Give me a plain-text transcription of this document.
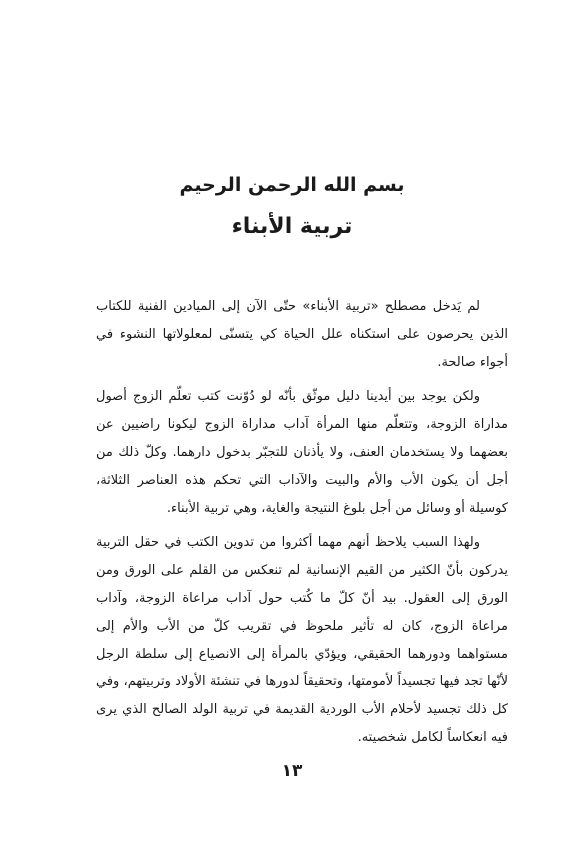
بسم الله الرحمن الرحيم
تربية الأبناء

لم يَدخل مصطلح «تربية الأبناء» حتّى الآن إلى الميادين الفنية للكتاب الذين يحرصون على استكناه علل الحياة كي يتسنّى لمعلولاتها النشوء في أجواء صالحة.

ولكن يوجد بين أيدينا دليل موثّق بأنّه لو دُوّنت كتب تعلّم الزوج أصول مداراة الزوجة، وتتعلّم منها المرأة آداب مداراة الزوج ليكونا راضيين عن بعضهما ولا يستخدمان العنف، ولا يأذنان للتجبّر بدخول دارهما. وكلّ ذلك من أجل أن يكون الأب والأم والبيت والآداب التي تحكم هذه العناصر الثلاثة، كوسيلة أو وسائل من أجل بلوغ النتيجة والغاية، وهي تربية الأبناء.

ولهذا السبب يلاحظ أنهم مهما أكثروا من تدوين الكتب في حقل التربية يدركون بأنّ الكثير من القيم الإنسانية لم تنعكس من القلم على الورق ومن الورق إلى العقول. بيد أنّ كلّ ما كُتب حول آداب مراعاة الزوجة، وآداب مراعاة الزوج، كان له تأثير ملحوظ في تقريب كلّ من الأب والأم إلى مستواهما ودورهما الحقيقي، ويؤدّي بالمرأة إلى الانصياع إلى سلطة الرجل لأنّها تجد فيها تجسيداً لأمومتها، وتحقيقاً لدورها في تنشئة الأولاد وتربيتهم، وفي كل ذلك تجسيد لأحلام الأب الوردية القديمة في تربية الولد الصالح الذي يرى فيه انعكاساً لكامل شخصيته.

١٣
